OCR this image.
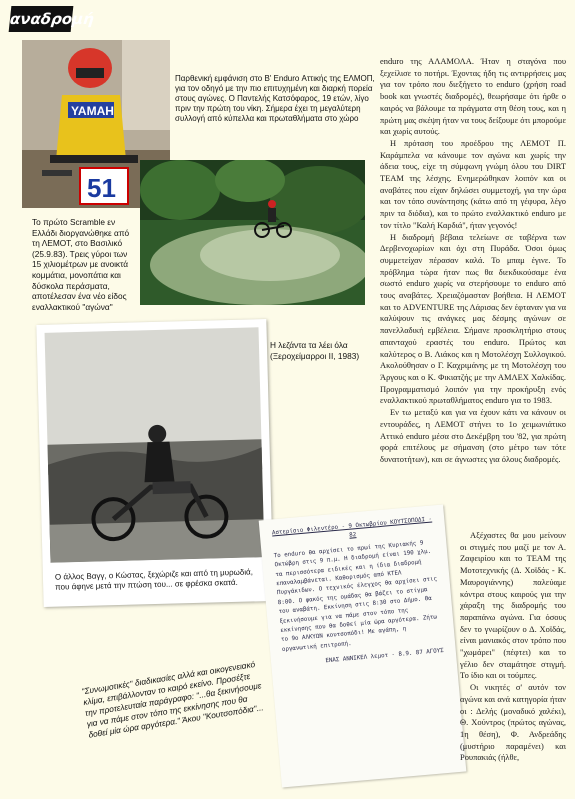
αναδρομή
YAMAH
51
Παρθενική εμφάνιση στο Β' Enduro Αττικής της ΕΛΜΟΠ, για τον οδηγό με την πιο επιτυχημένη και διαρκή πορεία στους αγώνες. Ο Παντελής Κατσόφαρος, 19 ετών, λίγο πριν την πρώτη του νίκη. Σήμερα έχει τη μεγαλύτερη συλλογή από κύπελλα και πρωταθλήματα στο χώρο
Το πρώτο Scramble εν Ελλάδι διοργανώθηκε από τη ΛΕΜΟΤ, στο Βασιλικό (25.9.83). Τρεις γύροι των 15 χιλιομέτρων με ανοικτά κομμάτια, μονοπάτια και δύσκολα περάσματα, αποτέλεσαν ένα νέο είδος εναλλακτικού "αγώνα"
Η λεζάντα τα λέει όλα (Ξεροχείμαρροι ΙΙ, 1983)
Ο άλλος Βαγγ, ο Κώστας, ξεχώριζε και από τη μυρωδιά, που άφηνε μετά την πτώση του... σε φρέσκα σκατά.
Αστερίσιο Φιλεντέρο - 9 Οκτωβρίου ΚΟΥΤΣΟΠΟΔΙ - 82
Το enduro θα αρχίσει το πρωί της Κυριακής 9 Οκτώβρη στις 9 π.μ. Η διαδρομή είναι 190 χλμ. τα περισσότερα ειδικές και η ίδια διαδρομή επαναλαμβάνεται. Καθορισμός από ΚΤΕΛ Πυργάκιδων. Ο τεχνικός έλεγχος θα αρχίσει στις 8:00. Ο φακός της ομάδας θα βάζει το στίγμα του αναβάτη. Εκκίνηση στις 8:30 στο Δήμο. Θα ξεκινήσουμε για να πάμε στον τόπο της εκκίνησης που θα δοθεί μία ώρα αργότερα. Ζήτω το 9ο ΑΛΚΥΩΝ κουτσοπόδι! Με αγάπη, η οργανωτική επιτροπή.
ΕΝΑΣ ΑΝΝΙΚΕΛ λεμοτ - 8.9. 87 ΑΓΟΥΣ
"Συνωμοτικές" διαδικασίες αλλά και οικογενειακό κλίμα, επιβάλλονταν το καιρό εκείνο. Προσέξτε την προτελευταία παράγραφο: "...θα ξεκινήσουμε για να πάμε στον τόπο της εκκίνησης που θα δοθεί μία ώρα αργότερα." Άκου "Κουτσοπόδια"...

enduro της ΑΛΑΜΟΛΑ. Ήταν η σταγόνα που ξεχείλισε το ποτήρι. Έχοντας ήδη τις αντιρρήσεις μας για τον τρόπο που διεξήγετο το enduro (χρήση road book και γνωστές διαδρομές), θεωρήσαμε ότι ήρθε ο καιρός να βάλουμε τα πράγματα στη θέση τους, και η πρώτη μας σκέψη ήταν να τους δείξουμε ότι μπορούμε και χωρίς αυτούς.

Η πρόταση του προέδρου της ΛΕΜΟΤ Π. Καράμπελα να κάνουμε τον αγώνα και χωρίς την άδεια τους, είχε τη σύμφωνη γνώμη όλου του DIRT TEAM της λέσχης. Ενημερώθηκαν λοιπόν και οι αναβάτες που είχαν δηλώσει συμμετοχή, για την ώρα και τον τόπο συνάντησης (κάτω από τη γέφυρα, λέγο πριν τα διόδια), και το πρώτο εναλλακτικό enduro με τον τίτλο "Καλή Καρδιά", ήταν γεγονός!

Η διαδρομή βέβαια τελείωνε σε ταβέρνα των Δερβενοχωρίων και όχι στη Πυράδα. Όσοι όμως συμμετείχαν πέρασαν καλά. Το μπαμ έγινε. Το πρόβλημα τώρα ήταν πως θα διεκδικούσαμε ένα σωστό enduro χωρίς να στερήσουμε το enduro από τους αναβάτες. Χρειαζόμασταν βοήθεια. Η ΛΕΜΟΤ και το ADVENTURE της Λάρισας δεν έφταναν για να καλύψουν τις ανάγκες μας δέσμης αγώνων σε πανελλαδική εμβέλεια. Σήμανε προσκλητήριο στους απανταχού εραστές του enduro. Πρώτος και καλύτερος ο Β. Λιάκος και η Μοτολέσχη Συλλογικού. Ακολούθησαν ο Γ. Καχριμάνης με τη Μοτολέσχη του Άργους και ο Κ. Φικιατζής με την ΑΜΛΕΧ Χαλκίδας. Προγραμματισμό λοιπόν για την προκήρυξη ενός εναλλακτικού πρωταθλήματος enduro για το 1983.

Εν τω μεταξύ και για να έχουν κάτι να κάνουν οι εντουράδες, η ΛΕΜΟΤ στήνει το 1ο χειμωνιάτικο Αττικό enduro μέσα στο Δεκέμβρη του '82, για πρώτη φορά επιτέλους με σήμανση (στο μέτρο των τότε δυνατοτήτων), και σε άγνωστες για όλους διαδρομές.

Αξέχαστες θα μου μείνουν οι στιγμές που μαζί με τον Α. Ζαφειρίου και το TEAM της Μοτοτεχνικής (Δ. Χοϊδάς - Κ. Μαυρογιάννης) παλεύαμε κόντρα στους καιρούς για την χάραξη της διαδρομής του παραπάνω αγώνα. Για όσους δεν το γνωρίζουν ο Δ. Χοϊδάς, είναι μανιακός στον τρόπο που "χωμάρει" (πέφτει) και το γέλιο δεν σταμάτησε στιγμή. Το ίδιο και οι τούμπες.

Οι νικητές σ' αυτόν τον αγώνα και ανά κατηγορία ήταν οι : Δελής (μοναδικό χαλέκι), Θ. Χούντρος (πρώτος αγώνας, 1η θέση), Φ. Ανδρεάδης (μυστήριο παραμένει) και Ρουπακιάς (ήλθε,
